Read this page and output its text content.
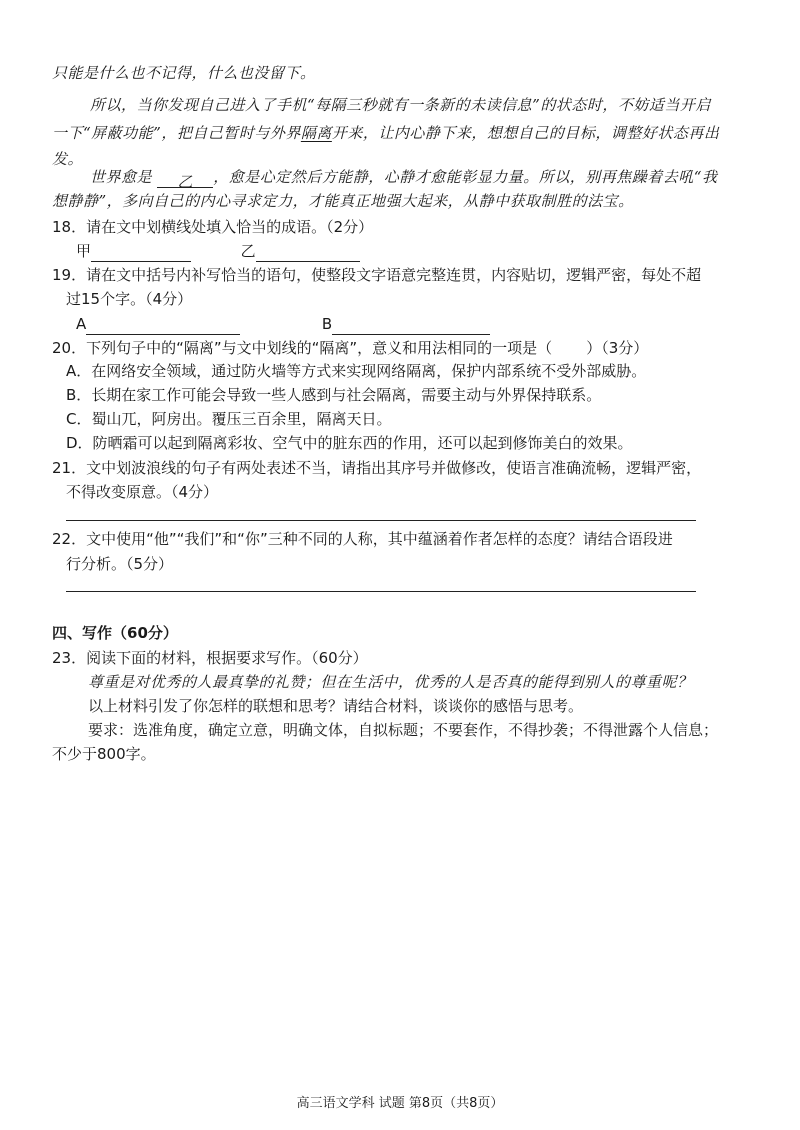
只能是什么也不记得，什么也没留下。
所以，当你发现自己进入了手机“每隔三秒就有一条新的未读信息”的状态时，不妨适当开启
一下“屏蔽功能”，把自己暂时与外界隔离开来，让内心静下来，想想自己的目标，调整好状态再出
发。
世界愈是 乙 ，愈是心定然后方能静，心静才愈能彰显力量。所以，别再焦躁着去吼“我
想静静”，多向自己的内心寻求定力，才能真正地强大起来，从静中获取制胜的法宝。
18．请在文中划横线处填入恰当的成语。（2分）
甲	乙
19．请在文中括号内补写恰当的语句，使整段文字语意完整连贯，内容贴切，逻辑严密，每处不超
过15个字。（4分）
A	B
20．下列句子中的“隔离”与文中划线的“隔离”，意义和用法相同的一项是（ ）（3分）
A．在网络安全领域，通过防火墙等方式来实现网络隔离，保护内部系统不受外部威胁。
B．长期在家工作可能会导致一些人感到与社会隔离，需要主动与外界保持联系。
C．蜀山兀，阿房出。覆压三百余里，隔离天日。
D．防晒霜可以起到隔离彩妆、空气中的脏东西的作用，还可以起到修饰美白的效果。
21．文中划波浪线的句子有两处表述不当，请指出其序号并做修改，使语言准确流畅，逻辑严密，
不得改变原意。（4分）
22．文中使用“他”“我们”和“你”三种不同的人称，其中蕴涵着作者怎样的态度？请结合语段进
行分析。（5分）
四、写作（60分）
23．阅读下面的材料，根据要求写作。（60分）
尊重是对优秀的人最真挚的礼赞；但在生活中，优秀的人是否真的能得到别人的尊重呢？
以上材料引发了你怎样的联想和思考？请结合材料，谈谈你的感悟与思考。
要求：选准角度，确定立意，明确文体，自拟标题；不要套作，不得抄袭；不得泄露个人信息；
不少于800字。
高三语文学科 试题 第8页（共8页）
